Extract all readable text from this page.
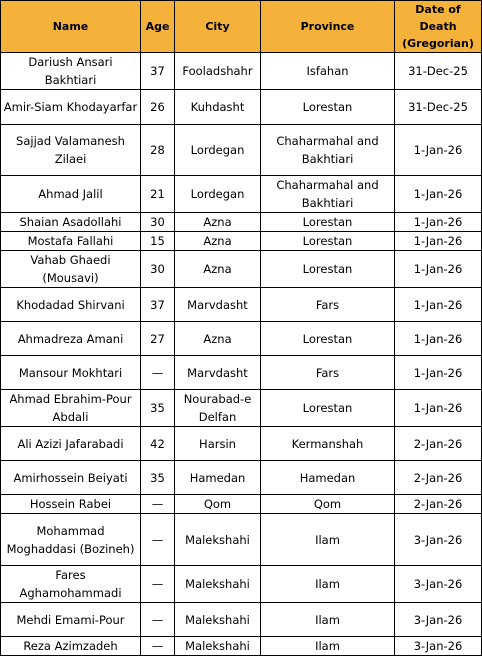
Name	Age	City	Province	Date of Death (Gregorian)
Dariush Ansari Bakhtiari	37	Fooladshahr	Isfahan	31-Dec-25
Amir-Siam Khodayarfar	26	Kuhdasht	Lorestan	31-Dec-25
Sajjad Valamanesh Zilaei	28	Lordegan	Chaharmahal and Bakhtiari	1-Jan-26
Ahmad Jalil	21	Lordegan	Chaharmahal and Bakhtiari	1-Jan-26
Shaian Asadollahi	30	Azna	Lorestan	1-Jan-26
Mostafa Fallahi	15	Azna	Lorestan	1-Jan-26
Vahab Ghaedi (Mousavi)	30	Azna	Lorestan	1-Jan-26
Khodadad Shirvani	37	Marvdasht	Fars	1-Jan-26
Ahmadreza Amani	27	Azna	Lorestan	1-Jan-26
Mansour Mokhtari	—	Marvdasht	Fars	1-Jan-26
Ahmad Ebrahim-Pour Abdali	35	Nourabad-e Delfan	Lorestan	1-Jan-26
Ali Azizi Jafarabadi	42	Harsin	Kermanshah	2-Jan-26
Amirhossein Beiyati	35	Hamedan	Hamedan	2-Jan-26
Hossein Rabei	—	Qom	Qom	2-Jan-26
Mohammad Moghaddasi (Bozineh)	—	Malekshahi	Ilam	3-Jan-26
Fares Aghamohammadi	—	Malekshahi	Ilam	3-Jan-26
Mehdi Emami-Pour	—	Malekshahi	Ilam	3-Jan-26
Reza Azimzadeh	—	Malekshahi	Ilam	3-Jan-26
